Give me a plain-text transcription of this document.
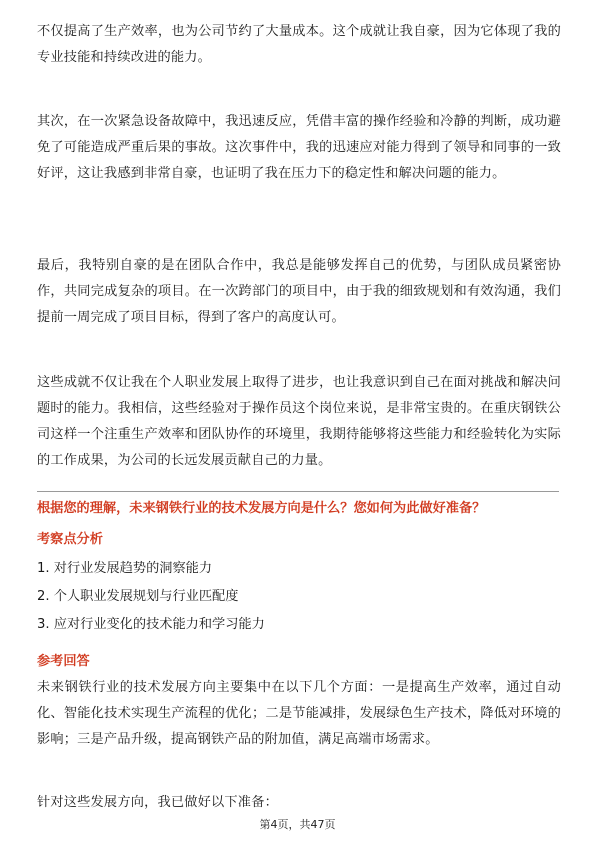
不仅提高了生产效率，也为公司节约了大量成本。这个成就让我自豪，因为它体现了我的专业技能和持续改进的能力。

其次，在一次紧急设备故障中，我迅速反应，凭借丰富的操作经验和冷静的判断，成功避免了可能造成严重后果的事故。这次事件中，我的迅速应对能力得到了领导和同事的一致好评，这让我感到非常自豪，也证明了我在压力下的稳定性和解决问题的能力。

最后，我特别自豪的是在团队合作中，我总是能够发挥自己的优势，与团队成员紧密协作，共同完成复杂的项目。在一次跨部门的项目中，由于我的细致规划和有效沟通，我们提前一周完成了项目目标，得到了客户的高度认可。

这些成就不仅让我在个人职业发展上取得了进步，也让我意识到自己在面对挑战和解决问题时的能力。我相信，这些经验对于操作员这个岗位来说，是非常宝贵的。在重庆钢铁公司这样一个注重生产效率和团队协作的环境里，我期待能够将这些能力和经验转化为实际的工作成果，为公司的长远发展贡献自己的力量。

根据您的理解，未来钢铁行业的技术发展方向是什么？您如何为此做好准备？

考察点分析

1. 对行业发展趋势的洞察能力

2. 个人职业发展规划与行业匹配度

3. 应对行业变化的技术能力和学习能力

参考回答

未来钢铁行业的技术发展方向主要集中在以下几个方面：一是提高生产效率，通过自动化、智能化技术实现生产流程的优化；二是节能减排，发展绿色生产技术，降低对环境的影响；三是产品升级，提高钢铁产品的附加值，满足高端市场需求。

针对这些发展方向，我已做好以下准备：

第4页，共47页
